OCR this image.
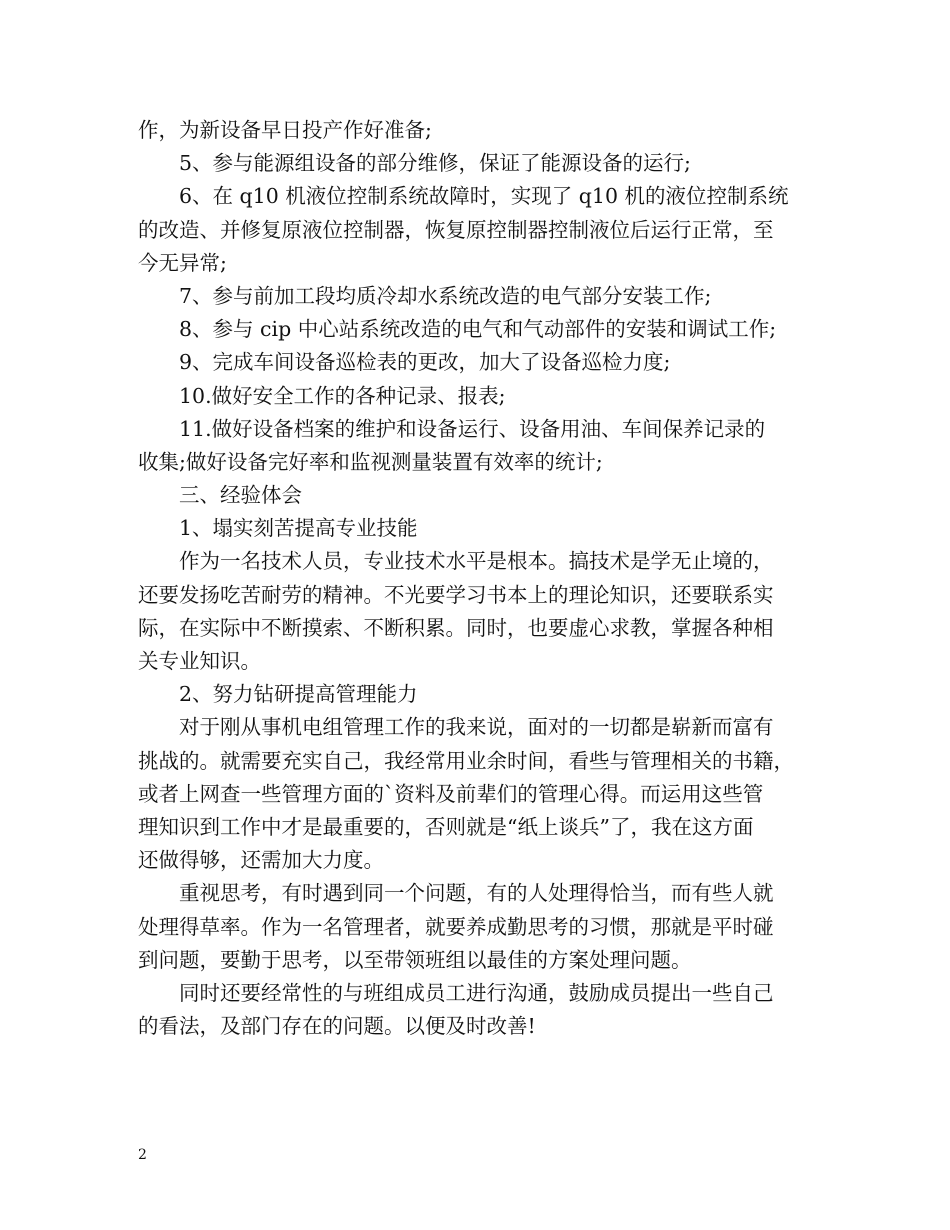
作，为新设备早日投产作好准备;
5、参与能源组设备的部分维修，保证了能源设备的运行;
6、在 q10 机液位控制系统故障时，实现了 q10 机的液位控制系统
的改造、并修复原液位控制器，恢复原控制器控制液位后运行正常，至
今无异常;
7、参与前加工段均质冷却水系统改造的电气部分安装工作;
8、参与 cip 中心站系统改造的电气和气动部件的安装和调试工作;
9、完成车间设备巡检表的更改，加大了设备巡检力度;
10.做好安全工作的各种记录、报表;
11.做好设备档案的维护和设备运行、设备用油、车间保养记录的
收集;做好设备完好率和监视测量装置有效率的统计;
三、经验体会
1、塌实刻苦提高专业技能
作为一名技术人员，专业技术水平是根本。搞技术是学无止境的，
还要发扬吃苦耐劳的精神。不光要学习书本上的理论知识，还要联系实
际，在实际中不断摸索、不断积累。同时，也要虚心求教，掌握各种相
关专业知识。
2、努力钻研提高管理能力
对于刚从事机电组管理工作的我来说，面对的一切都是崭新而富有
挑战的。就需要充实自己，我经常用业余时间，看些与管理相关的书籍，
或者上网查一些管理方面的`资料及前辈们的管理心得。而运用这些管
理知识到工作中才是最重要的，否则就是“纸上谈兵”了，我在这方面
还做得够，还需加大力度。
重视思考，有时遇到同一个问题，有的人处理得恰当，而有些人就
处理得草率。作为一名管理者，就要养成勤思考的习惯，那就是平时碰
到问题，要勤于思考，以至带领班组以最佳的方案处理问题。
同时还要经常性的与班组成员工进行沟通，鼓励成员提出一些自己
的看法，及部门存在的问题。以便及时改善!
2
